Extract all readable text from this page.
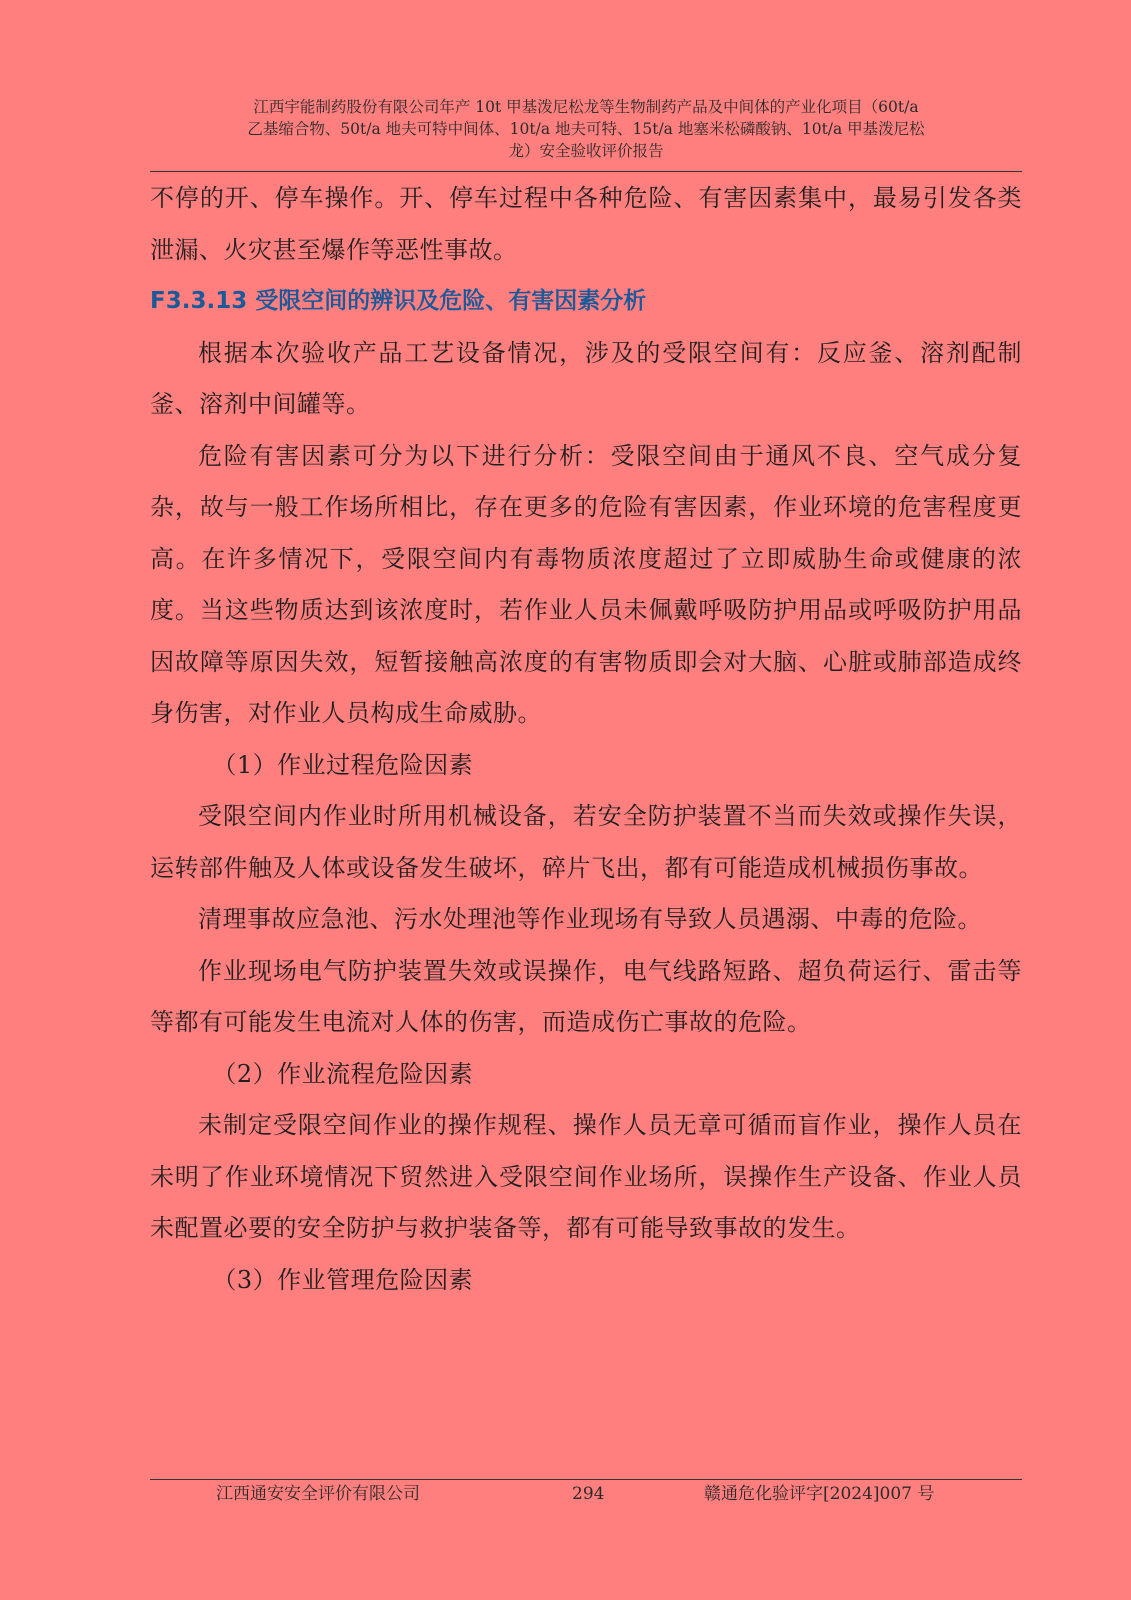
江西宇能制药股份有限公司年产 10t 甲基泼尼松龙等生物制药产品及中间体的产业化项目（60t/a
乙基缩合物、50t/a 地夫可特中间体、10t/a 地夫可特、15t/a 地塞米松磷酸钠、10t/a 甲基泼尼松
龙）安全验收评价报告

不停的开、停车操作。开、停车过程中各种危险、有害因素集中，最易引发各类泄漏、火灾甚至爆作等恶性事故。

F3.3.13 受限空间的辨识及危险、有害因素分析

根据本次验收产品工艺设备情况，涉及的受限空间有：反应釜、溶剂配制釜、溶剂中间罐等。

危险有害因素可分为以下进行分析：受限空间由于通风不良、空气成分复杂，故与一般工作场所相比，存在更多的危险有害因素，作业环境的危害程度更高。在许多情况下，受限空间内有毒物质浓度超过了立即威胁生命或健康的浓度。当这些物质达到该浓度时，若作业人员未佩戴呼吸防护用品或呼吸防护用品因故障等原因失效，短暂接触高浓度的有害物质即会对大脑、心脏或肺部造成终身伤害，对作业人员构成生命威胁。

（1）作业过程危险因素

受限空间内作业时所用机械设备，若安全防护装置不当而失效或操作失误，运转部件触及人体或设备发生破坏，碎片飞出，都有可能造成机械损伤事故。

清理事故应急池、污水处理池等作业现场有导致人员遇溺、中毒的危险。

作业现场电气防护装置失效或误操作，电气线路短路、超负荷运行、雷击等等都有可能发生电流对人体的伤害，而造成伤亡事故的危险。

（2）作业流程危险因素

未制定受限空间作业的操作规程、操作人员无章可循而盲作业，操作人员在未明了作业环境情况下贸然进入受限空间作业场所，误操作生产设备、作业人员未配置必要的安全防护与救护装备等，都有可能导致事故的发生。

（3）作业管理危险因素

江西通安安全评价有限公司	294	赣通危化验评字[2024]007 号
